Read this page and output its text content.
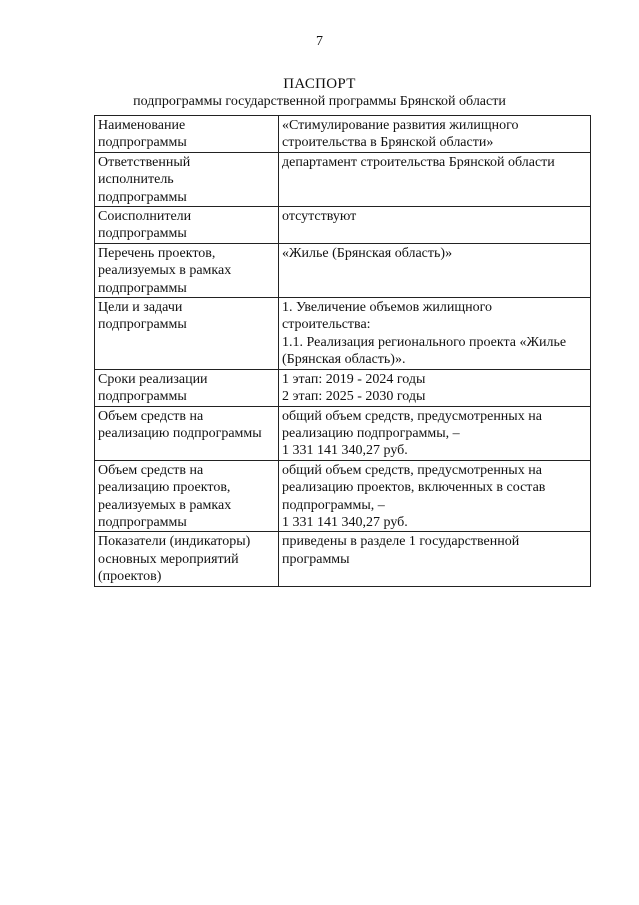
7
ПАСПОРТ
подпрограммы государственной программы Брянской области
Наименование
подпрограммы	«Стимулирование развития жилищного
строительства в Брянской области»

Ответственный
исполнитель
подпрограммы	департамент строительства Брянской области

Соисполнители
подпрограммы	отсутствуют

Перечень проектов,
реализуемых в рамках
подпрограммы	«Жилье (Брянская область)»

Цели и задачи
подпрограммы	1. Увеличение объемов жилищного
строительства:
1.1. Реализация регионального проекта «Жилье
(Брянская область)».

Сроки реализации
подпрограммы	1 этап: 2019 - 2024 годы
2 этап: 2025 - 2030 годы

Объем средств на
реализацию подпрограммы	общий объем средств, предусмотренных на
реализацию подпрограммы, –
1 331 141 340,27 руб.

Объем средств на
реализацию проектов,
реализуемых в рамках
подпрограммы	общий объем средств, предусмотренных на
реализацию проектов, включенных в состав
подпрограммы, –
1 331 141 340,27 руб.

Показатели (индикаторы)
основных мероприятий
(проектов)	приведены в разделе 1 государственной
программы
